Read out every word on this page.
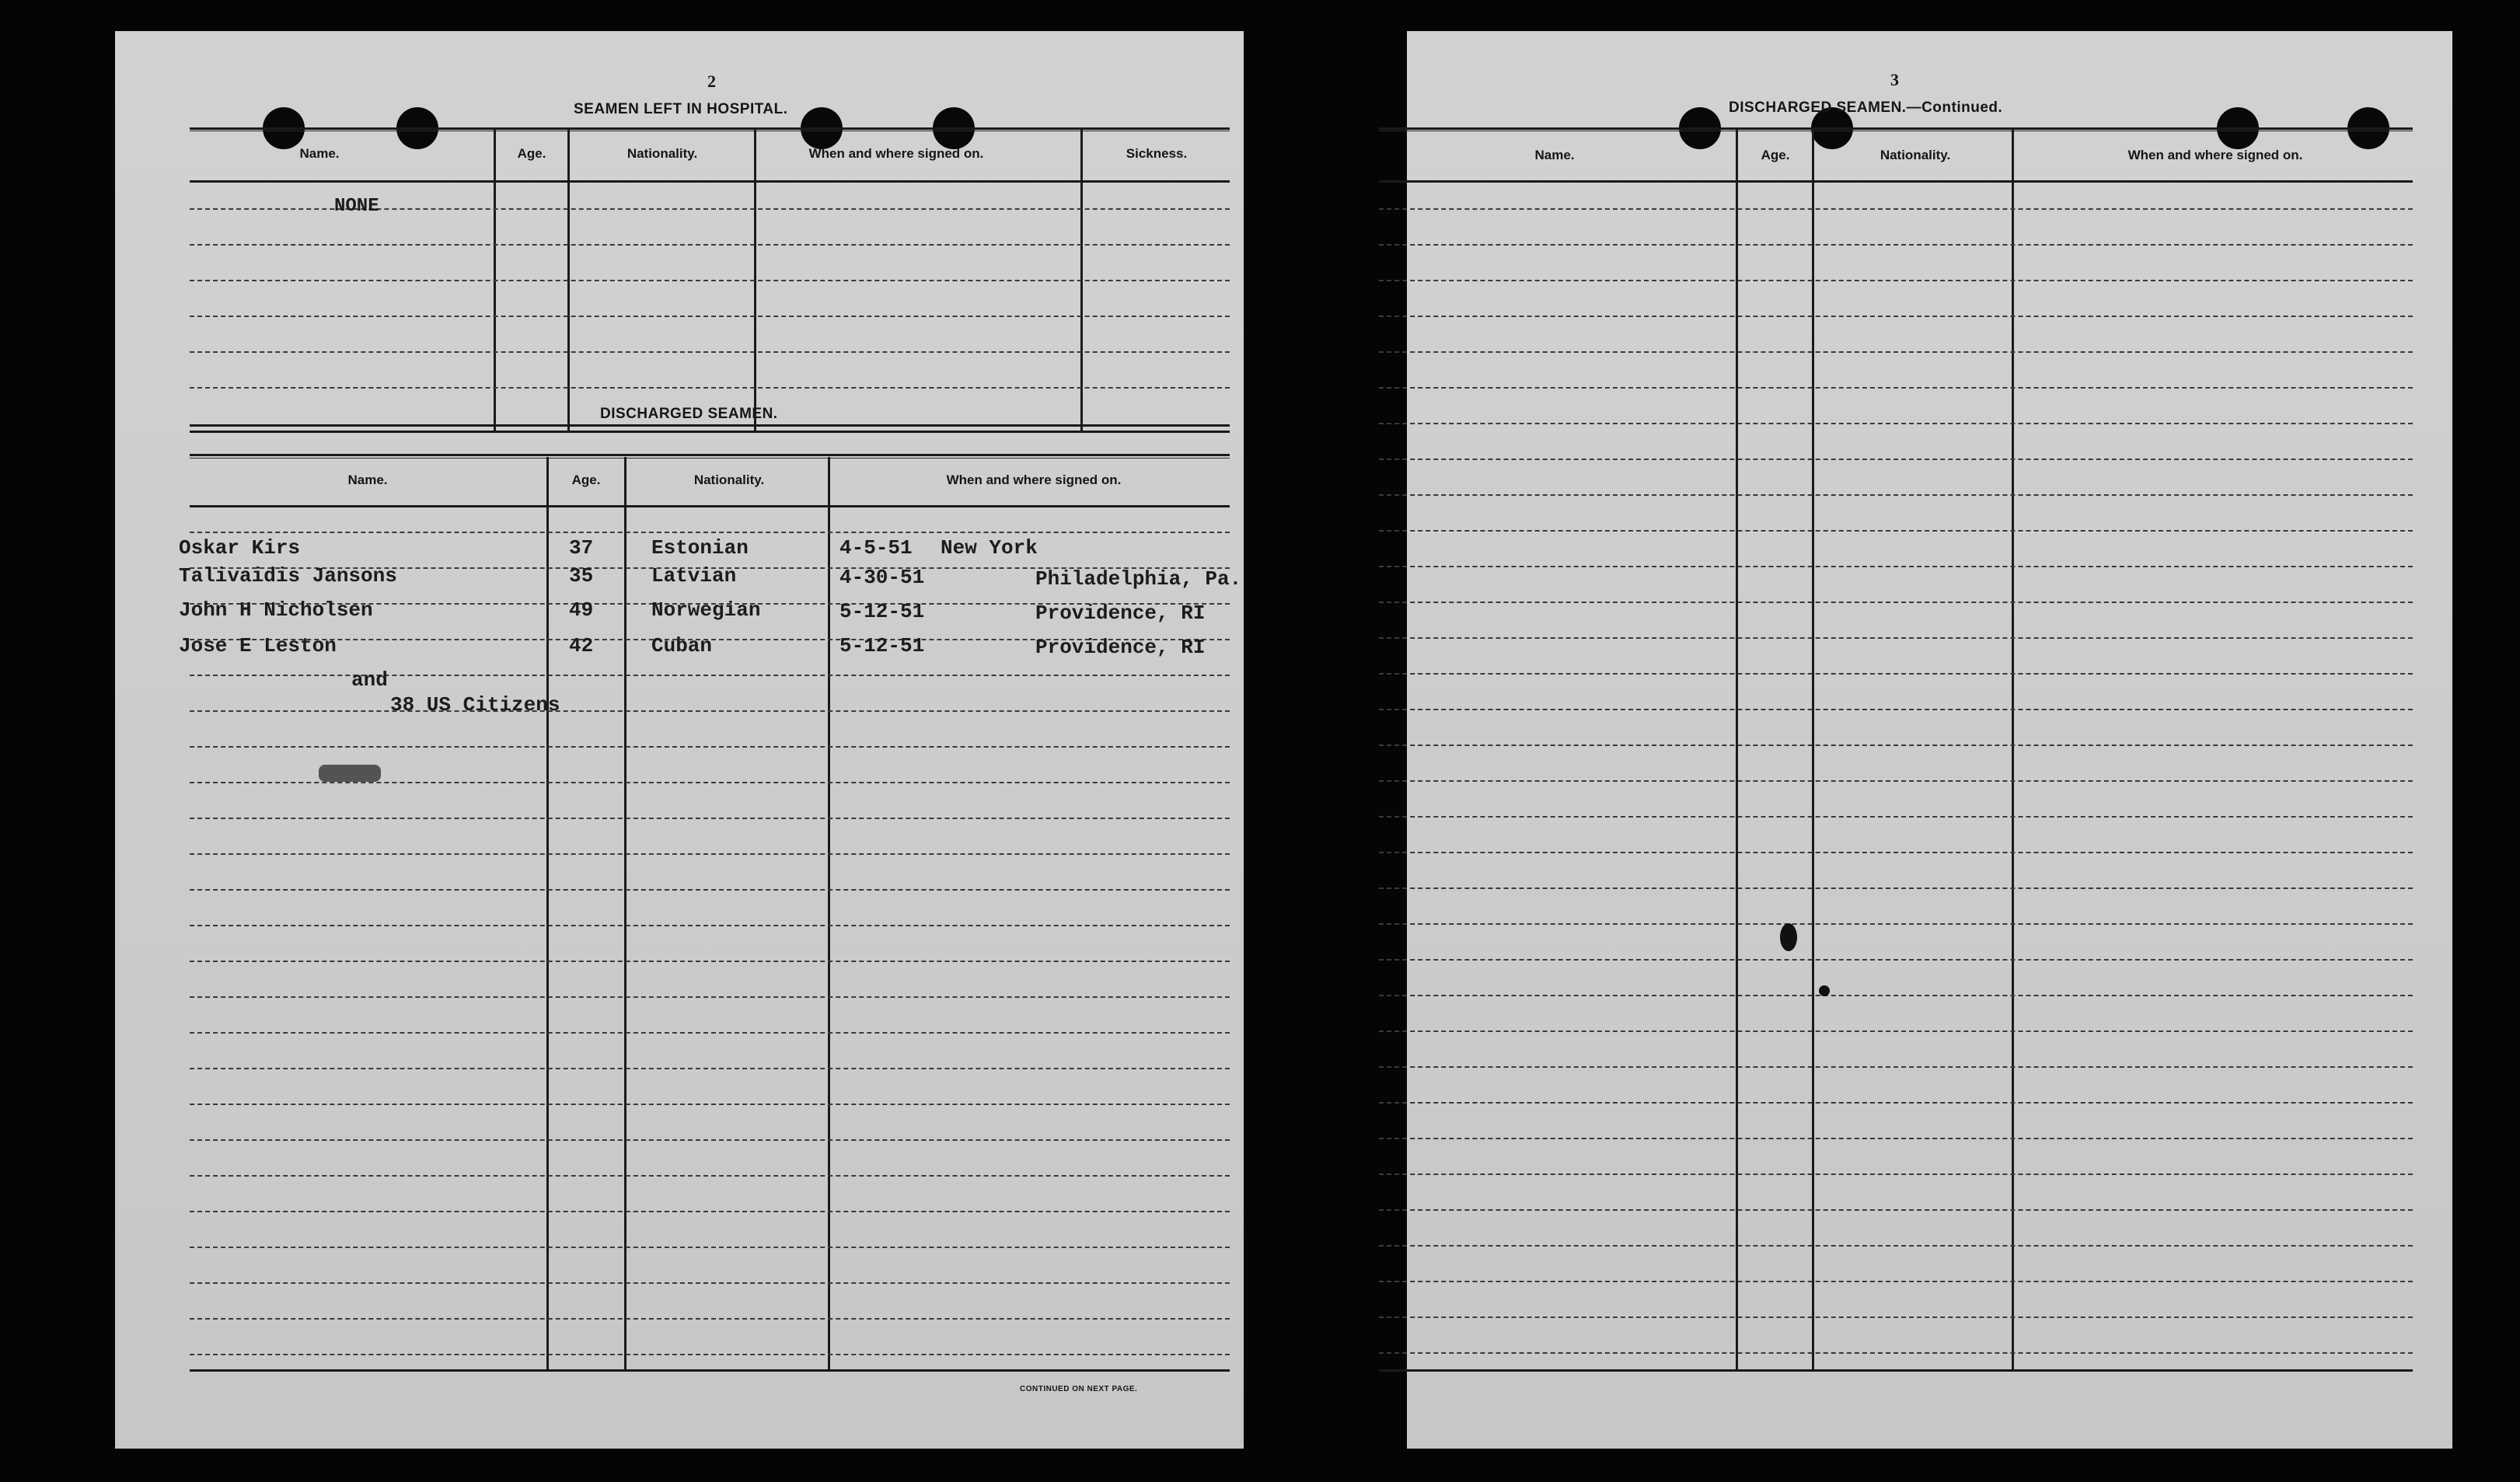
2
SEAMEN LEFT IN HOSPITAL.
Name.	Age.	Nationality.	When and where signed on.	Sickness.
NONE
DISCHARGED SEAMEN.
Name.	Age.	Nationality.	When and where signed on.
Oskar Kirs	37	Estonian	4-5-51 New York
Talivaidis Jansons	35	Latvian	4-30-51	Philadelphia, Pa.
John H Nicholsen	49	Norwegian	5-12-51	Providence, RI
Jose E Leston	42	Cuban	5-12-51	Providence, RI
and
38 US Citizens
CONTINUED ON NEXT PAGE.
3
DISCHARGED SEAMEN.—Continued.
Name.	Age.	Nationality.	When and where signed on.
